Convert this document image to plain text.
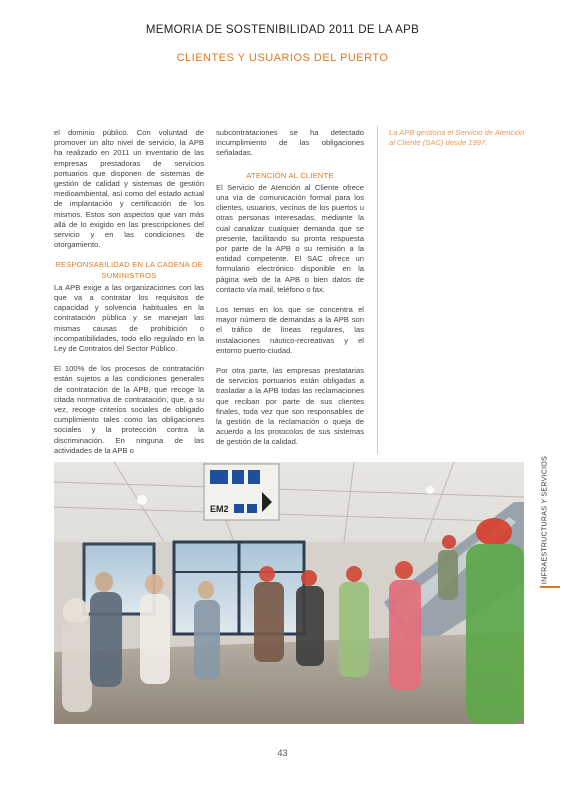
MEMORIA DE SOSTENIBILIDAD 2011 DE LA APB
CLIENTES Y USUARIOS DEL PUERTO

el dominio público. Con voluntad de promover un alto nivel de servicio, la APB ha realizado en 2011 un inventario de las empresas prestadoras de servicios portuarios que disponen de sistemas de gestión de calidad y sistemas de gestión medioambiental, así como del estado actual de implantación y certificación de los mismos. Estos son aspectos que van más allá de lo exigido en las prescripciones del servicio y en las condiciones de otorgamiento.

RESPONSABILIDAD EN LA CADENA DE SUMINISTROS

La APB exige a las organizaciones con las que va a contratar los requisitos de capacidad y solvencia habituales en la contratación pública y se manejan las mismas causas de prohibición o incompatibilidades, todo ello regulado en la Ley de Contratos del Sector Público.

El 100% de los procesos de contratación están sujetos a las condiciones generales de contratación de la APB, que recoge la citada normativa de contratación, que, a su vez, recoge criterios sociales de obligado cumplimiento tales como las obligaciones sociales y la protección contra la discriminación. En ninguna de las actividades de la APB o

subcontrataciones se ha detectado incumplimiento de las obligaciones señaladas.

ATENCIÓN AL CLIENTE

El Servicio de Atención al Cliente ofrece una vía de comunicación formal para los clientes, usuarios, vecinos de los puertos u otras personas interesadas, mediante la cual canalizar cualquier demanda que se presente, facilitando su pronta respuesta por parte de la APB o su remisión a la entidad competente. El SAC ofrece un formulario electrónico disponible en la página web de la APB o bien datos de contacto vía mail, teléfono o fax.

Los temas en los que se concentra el mayor número de demandas a la APB son el tráfico de líneas regulares, las instalaciones náutico-recreativas y el entorno puerto-ciudad.

Por otra parte, las empresas prestatarias de servicios portuarios están obligadas a trasladar a la APB todas las reclamaciones que reciban por parte de sus clientes finales, toda vez que son responsables de la gestión de la reclamación o queja de acuerdo a los protocolos de sus sistemas de gestión de la calidad.

La APB gestiona el Servicio de Atención al Cliente (SAC) desde 1997.
EM2	INFRAESTRUCTURAS Y SERVICIOS
43
